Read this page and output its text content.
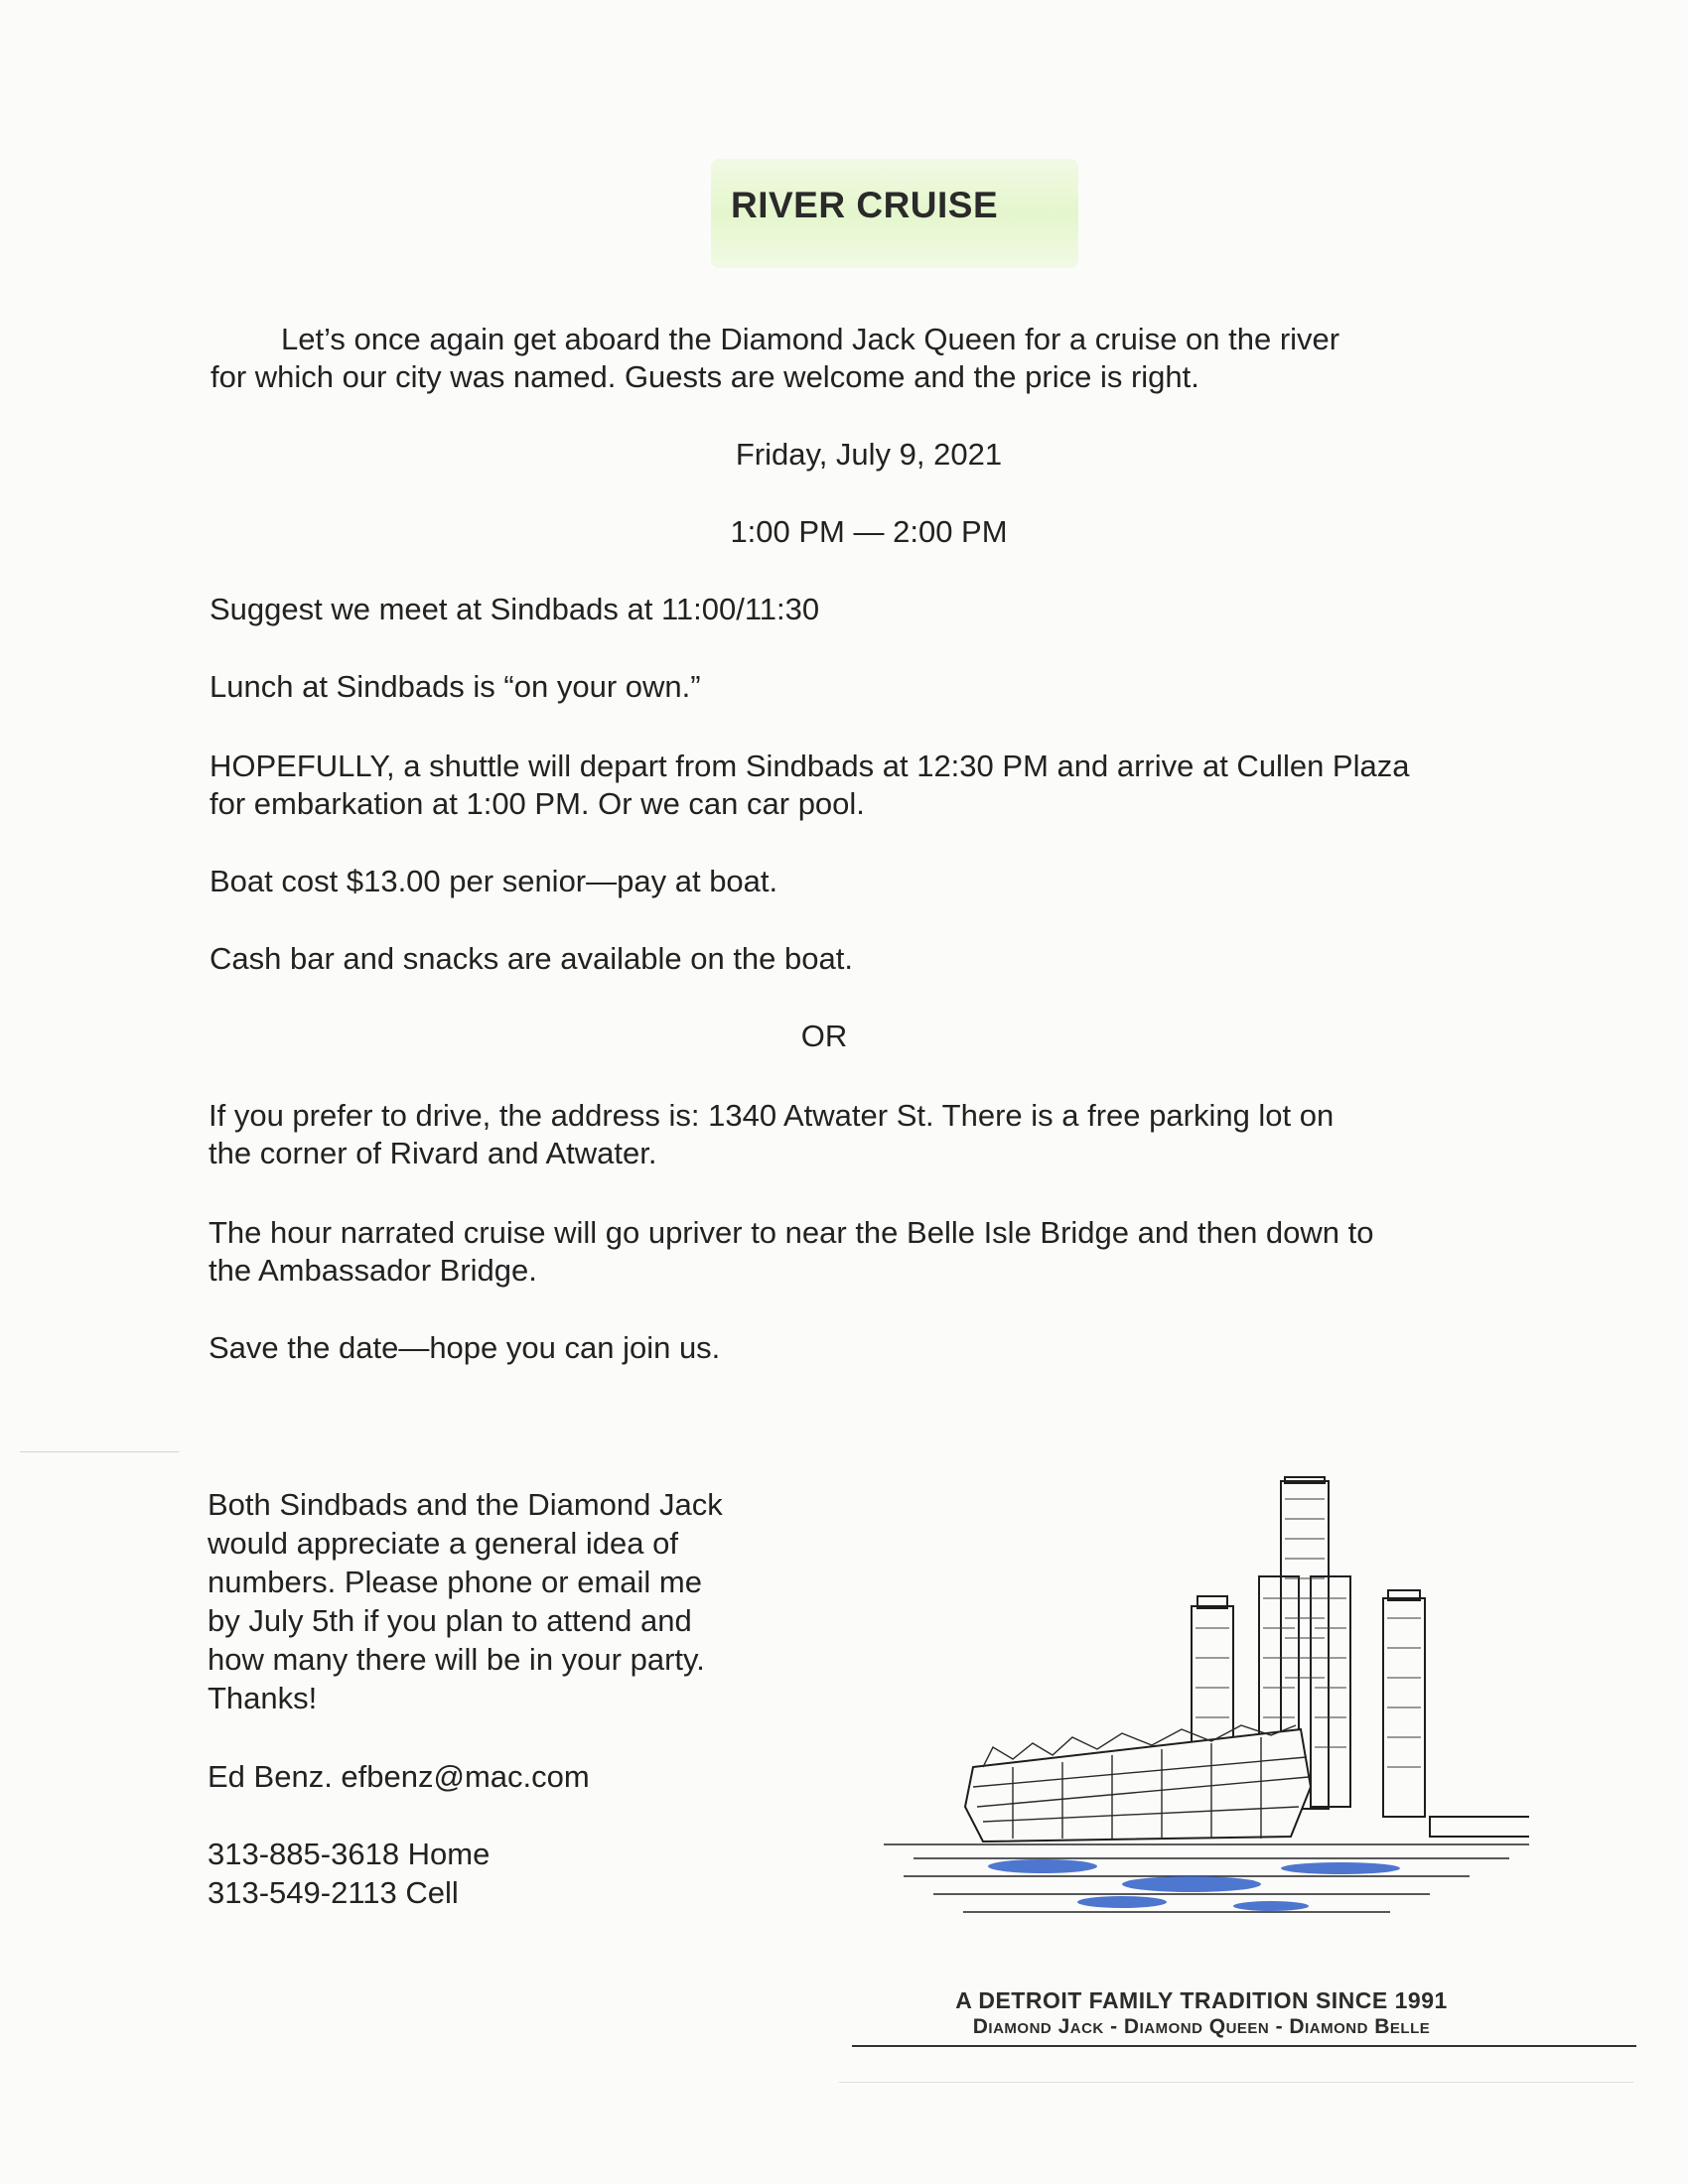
RIVER CRUISE
Let’s once again get aboard the Diamond Jack Queen for a cruise on the river
for which our city was named. Guests are welcome and the price is right.
Friday, July 9, 2021
1:00 PM — 2:00 PM
Suggest we meet at Sindbads at 11:00/11:30
Lunch at Sindbads is “on your own.”
HOPEFULLY, a shuttle will depart from Sindbads at 12:30 PM and arrive at Cullen Plaza
for embarkation at 1:00 PM. Or we can car pool.
Boat cost $13.00 per senior—pay at boat.
Cash bar and snacks are available on the boat.
OR
If you prefer to drive, the address is: 1340 Atwater St. There is a free parking lot on
the corner of Rivard and Atwater.
The hour narrated cruise will go upriver to near the Belle Isle Bridge and then down to
the Ambassador Bridge.
Save the date—hope you can join us.
Both Sindbads and the Diamond Jack
would appreciate a general idea of
numbers. Please phone or email me
by July 5th if you plan to attend and
how many there will be in your party.
Thanks!
Ed Benz. efbenz@mac.com
313-885-3618 Home
313-549-2113 Cell
A DETROIT FAMILY TRADITION SINCE 1991
Diamond Jack - Diamond Queen - Diamond Belle
